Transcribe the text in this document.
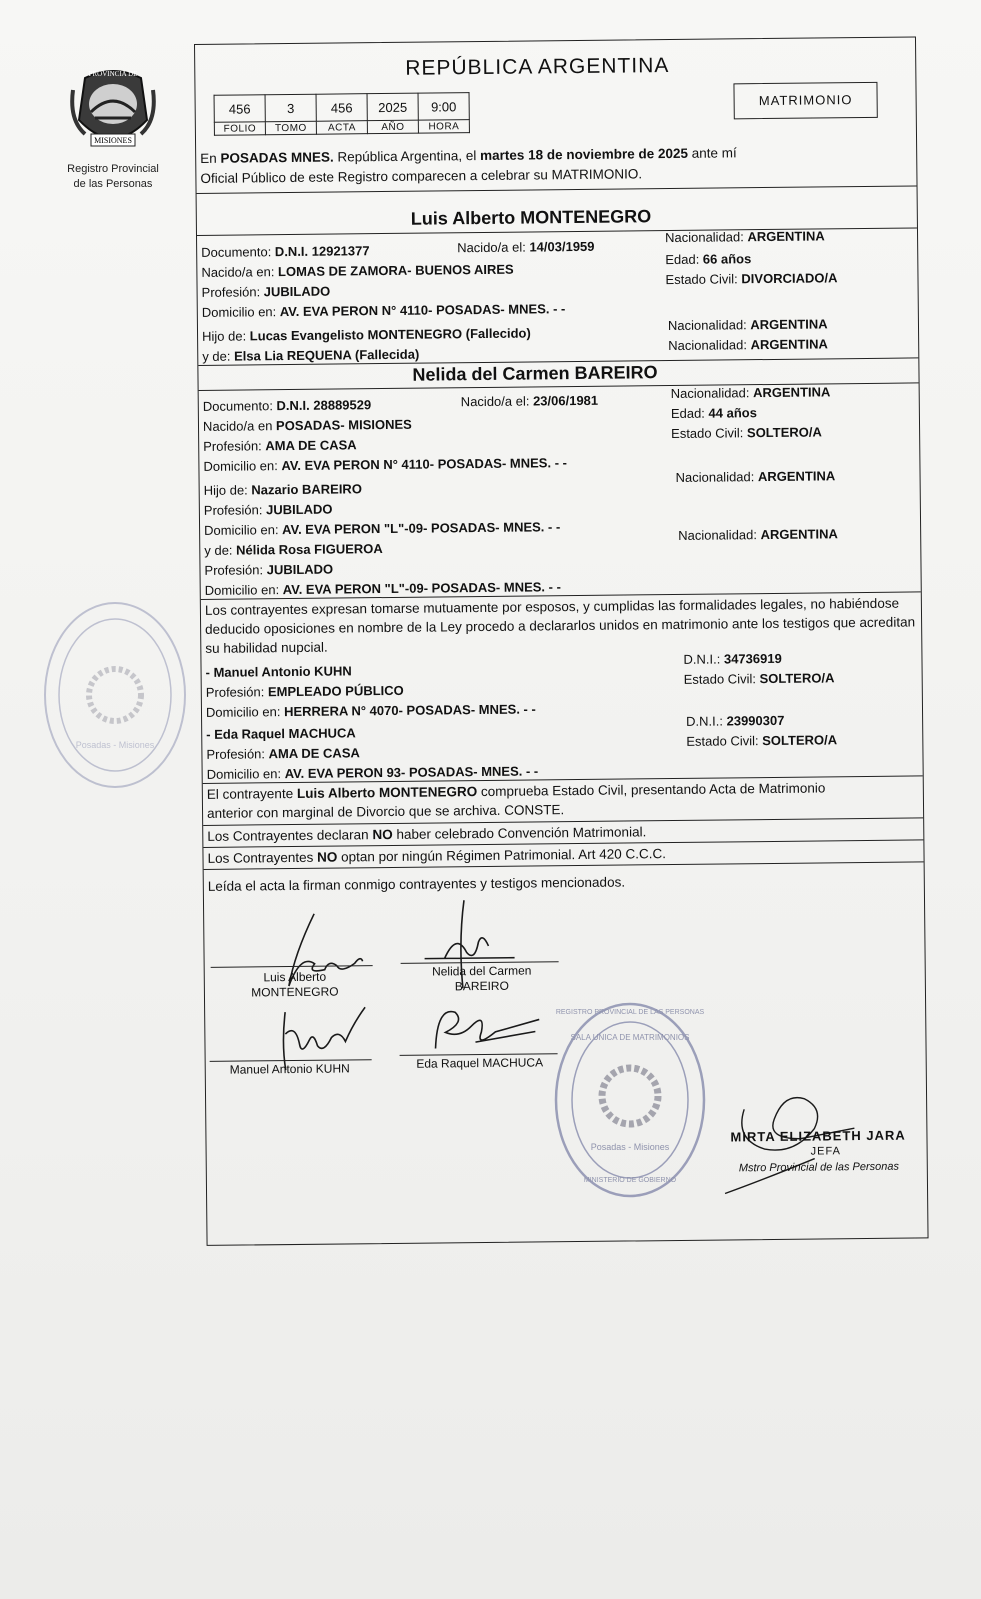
MISIONES
PROVINCIA DE
Registro Provincial
de las Personas
Posadas - Misiones
SALA UNICA DE MATRIMONIOS
Posadas - Misiones
MINISTERIO DE GOBIERNO
REGISTRO PROVINCIAL DE LAS PERSONAS
REPÚBLICA ARGENTINA
456	3	456	2025	9:00
FOLIO	TOMO	ACTA	AÑO	HORA
MATRIMONIO
En POSADAS MNES. República Argentina, el martes 18 de noviembre de 2025 ante mí
Oficial Público de este Registro comparecen a celebrar su MATRIMONIO.
Luis Alberto MONTENEGRO
Documento: D.N.I. 12921377	Nacido/a el: 14/03/1959
Nacionalidad: ARGENTINA
Nacido/a en: LOMAS DE ZAMORA- BUENOS AIRES
Edad: 66 años
Profesión: JUBILADO
Estado Civil: DIVORCIADO/A
Domicilio en: AV. EVA PERON N° 4110- POSADAS- MNES. - -
Hijo de: Lucas Evangelisto MONTENEGRO (Fallecido)
Nacionalidad: ARGENTINA
y de: Elsa Lia REQUENA (Fallecida)
Nacionalidad: ARGENTINA
Nelida del Carmen BAREIRO
Documento: D.N.I. 28889529	Nacido/a el: 23/06/1981	Nacionalidad: ARGENTINA
Nacido/a en POSADAS- MISIONES
Edad: 44 años
Profesión: AMA DE CASA
Estado Civil: SOLTERO/A
Domicilio en: AV. EVA PERON N° 4110- POSADAS- MNES. - -
Hijo de: Nazario BAREIRO
Nacionalidad: ARGENTINA
Profesión: JUBILADO
Domicilio en: AV. EVA PERON "L"-09- POSADAS- MNES. - -
y de: Nélida Rosa FIGUEROA
Nacionalidad: ARGENTINA
Profesión: JUBILADO
Domicilio en: AV. EVA PERON "L"-09- POSADAS- MNES. - -
Los contrayentes expresan tomarse mutuamente por esposos, y cumplidas las formalidades legales, no habiéndose deducido oposiciones en nombre de la Ley procedo a declararlos unidos en matrimonio ante los testigos que acreditan su habilidad nupcial.
- Manuel Antonio KUHN
D.N.I.: 34736919
Profesión: EMPLEADO PÚBLICO
Estado Civil: SOLTERO/A
Domicilio en: HERRERA N° 4070- POSADAS- MNES. - -
- Eda Raquel MACHUCA
D.N.I.: 23990307
Profesión: AMA DE CASA
Estado Civil: SOLTERO/A
Domicilio en: AV. EVA PERON 93- POSADAS- MNES. - -
El contrayente Luis Alberto MONTENEGRO comprueba Estado Civil, presentando Acta de Matrimonio
anterior con marginal de Divorcio que se archiva. CONSTE.
Los Contrayentes declaran NO haber celebrado Convención Matrimonial.
Los Contrayentes NO optan por ningún Régimen Patrimonial. Art 420 C.C.C.
Leída el acta la firman conmigo contrayentes y testigos mencionados.
Luis Alberto
MONTENEGRO
Nelida del Carmen
BAREIRO
Manuel Antonio KUHN	Eda Raquel MACHUCA
MIRTA ELIZABETH JARA
JEFA
Mstro Provincial de las Personas
